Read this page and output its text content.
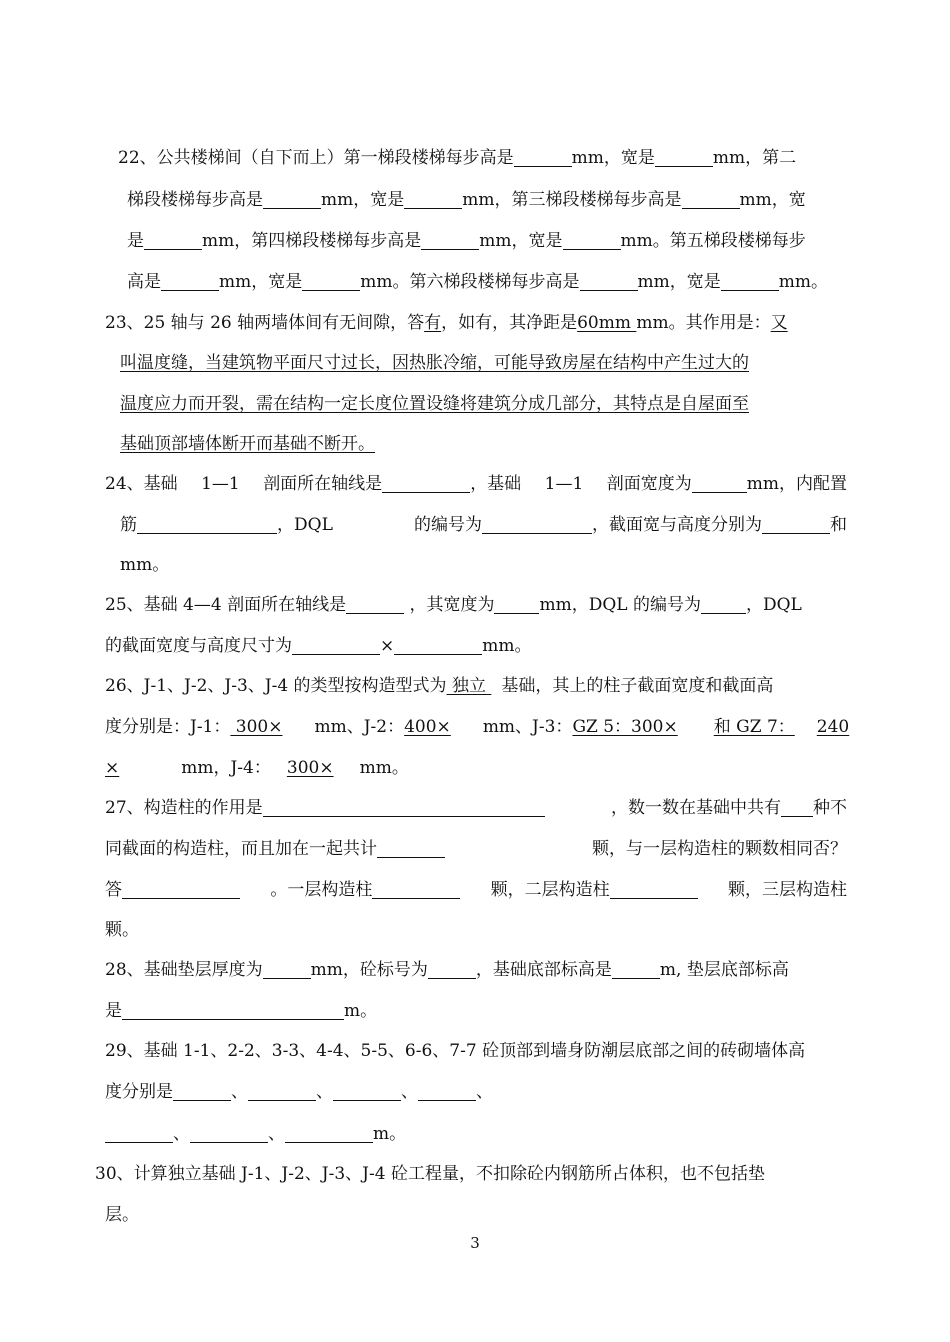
22、公共楼梯间（自下而上）第一梯段楼梯每步高是	mm，宽是	mm，第二
梯段楼梯每步高是	mm，宽是	mm，第三梯段楼梯每步高是	mm，宽
是	mm，第四梯段楼梯每步高是	mm，宽是	mm。第五梯段楼梯每步
高是	mm，宽是	mm。第六梯段楼梯每步高是	mm，宽是	mm。
23、25 轴与 26 轴两墙体间有无间隙，答有，如有，其净距是60mm mm。其作用是：又
叫温度缝，当建筑物平面尺寸过长，因热胀冷缩，可能导致房屋在结构中产生过大的
温度应力而开裂，需在结构一定长度位置设缝将建筑分成几部分，其特点是自屋面至
基础顶部墙体断开而基础不断开。
24、基础 1—1 剖面所在轴线是	，基础 1—1 剖面宽度为	mm，内配置
筋	，DQL	的编号为	，截面宽与高度分别为	和
mm。
25、基础 4—4 剖面所在轴线是	，其宽度为	mm，DQL 的编号为	，DQL
的截面宽度与高度尺寸为	×	mm。
26、J-1、J-2、J-3、J-4 的类型按构造型式为 独立 基础，其上的柱子截面宽度和截面高
度分别是：J-1： 300× mm、J-2：400× mm、J-3：GZ 5：300× 和 GZ 7： 240
×	mm，J-4： 300× mm。
27、构造柱的作用是	，数一数在基础中共有 种不
同截面的构造柱，而且加在一起共计	颗，与一层构造柱的颗数相同否？
答	。一层构造柱	颗，二层构造柱	颗，三层构造柱
颗。
28、基础垫层厚度为	mm，砼标号为	，基础底部标高是	m, 垫层底部标高
是	m。
29、基础 1-1、2-2、3-3、4-4、5-5、6-6、7-7 砼顶部到墙身防潮层底部之间的砖砌墙体高
度分别是	、	、	、	、
、	、	m。
30、计算独立基础 J-1、J-2、J-3、J-4 砼工程量，不扣除砼内钢筋所占体积，也不包括垫
层。
3
